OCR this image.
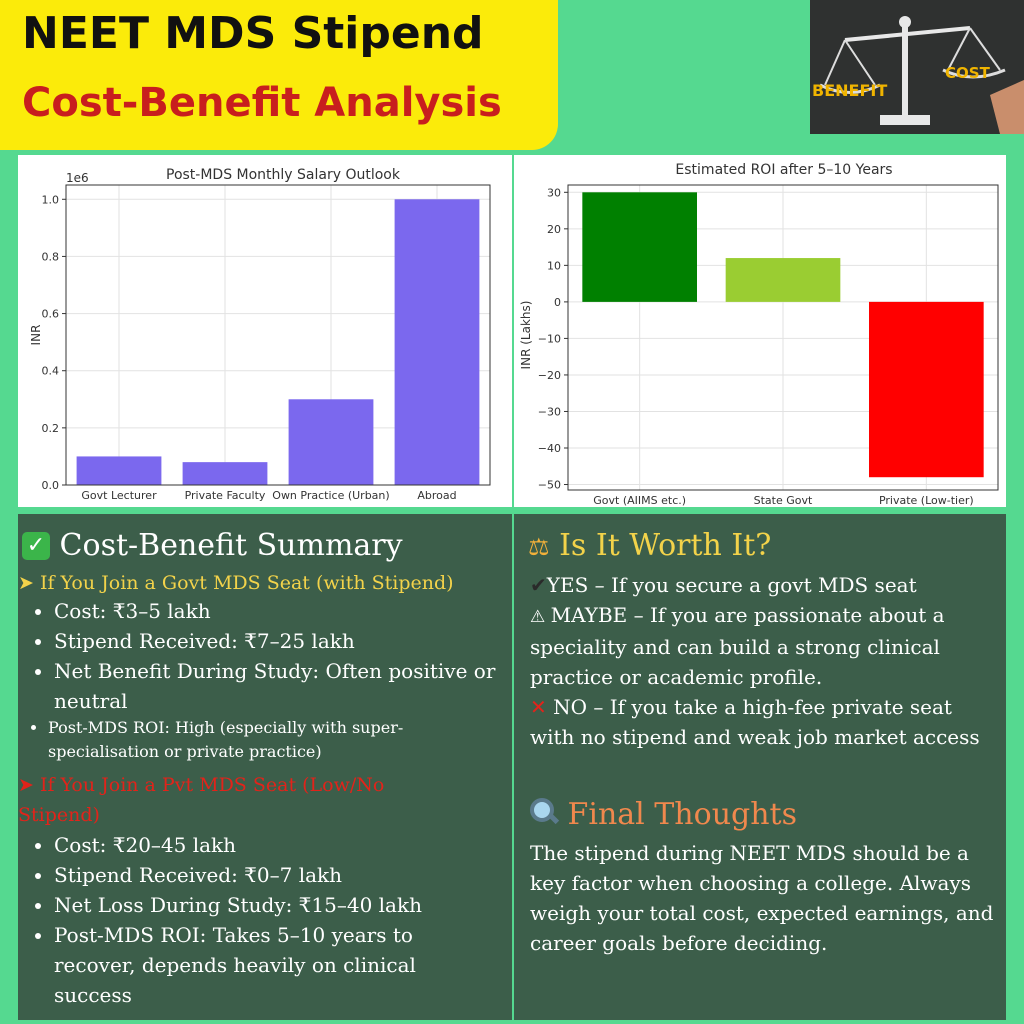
NEET MDS Stipend
Cost-Benefit Analysis	BENEFIT
COST
Post-MDS Monthly Salary Outlook
1e6
INR
0.0
0.2
0.4
0.6
0.8
1.0
Govt Lecturer	Private Faculty Own Practice (Urban)	Abroad
Estimated ROI after 5–10 Years
INR (Lakhs)
30
20
10
0
−10
−20
−30
−40
−50
Govt (AIIMS etc.)	State Govt	Private (Low-tier)
✓ Cost-Benefit Summary
➤ If You Join a Govt MDS Seat (with Stipend)
• Cost: ₹3–5 lakh
• Stipend Received: ₹7–25 lakh
• Net Benefit During Study: Often positive or neutral
• Post-MDS ROI: High (especially with super-specialisation or private practice)
➤ If You Join a Pvt MDS Seat (Low/No Stipend)
• Cost: ₹20–45 lakh
• Stipend Received: ₹0–7 lakh
• Net Loss During Study: ₹15–40 lakh
• Post-MDS ROI: Takes 5–10 years to recover, depends heavily on clinical success
⚖ Is It Worth It?

✔YES – If you secure a govt MDS seat

⚠ MAYBE – If you are passionate about a speciality and can build a strong clinical practice or academic profile.

✕ NO – If you take a high-fee private seat with no stipend and weak job market access

Final Thoughts

The stipend during NEET MDS should be a key factor when choosing a college. Always weigh your total cost, expected earnings, and career goals before deciding.
